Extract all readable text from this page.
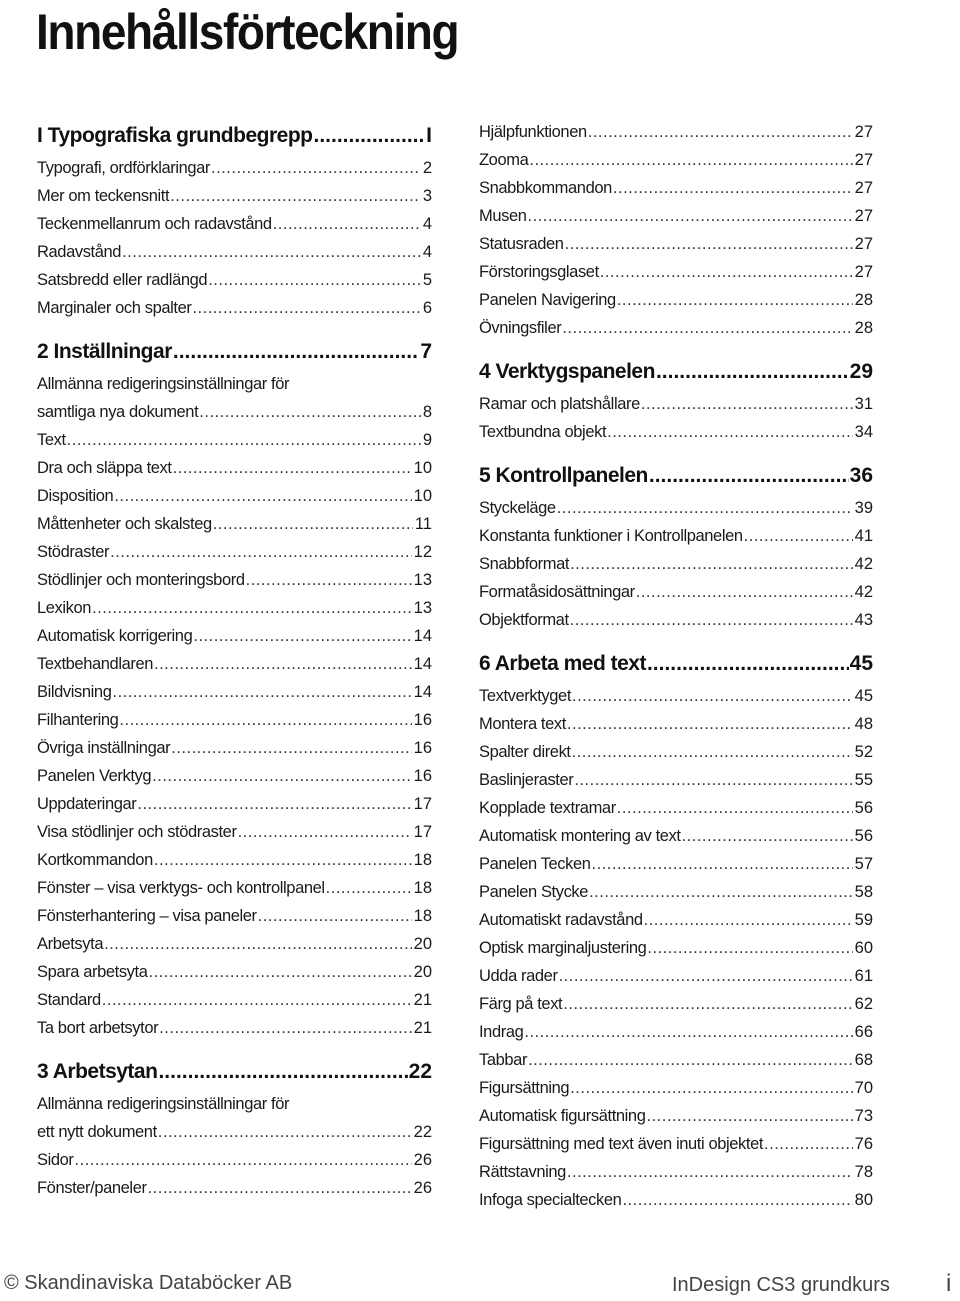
Innehållsförteckning
I Typografiska grundbegrepp .....	I
Typografi, ordförklaringar .....	2
Mer om teckensnitt .....	3
Teckenmellanrum och radavstånd .....	4
Radavstånd .....	4
Satsbredd eller radlängd .....	5
Marginaler och spalter .....	6
2 Inställningar .....	7
Allmänna redigeringsinställningar för
samtliga nya dokument .....	8
Text .....	9
Dra och släppa text .....	10
Disposition .....	10
Måttenheter och skalsteg .....	11
Stödraster .....	12
Stödlinjer och monteringsbord .....	13
Lexikon .....	13
Automatisk korrigering .....	14
Textbehandlaren .....	14
Bildvisning .....	14
Filhantering .....	16
Övriga inställningar .....	16
Panelen Verktyg .....	16
Uppdateringar .....	17
Visa stödlinjer och stödraster .....	17
Kortkommandon .....	18
Fönster – visa verktygs- och kontrollpanel .....	18
Fönsterhantering – visa paneler .....	18
Arbetsyta .....	20
Spara arbetsyta .....	20
Standard .....	21
Ta bort arbetsytor .....	21
3 Arbetsytan .....	22
Allmänna redigeringsinställningar för
ett nytt dokument .....	22
Sidor .....	26
Fönster/paneler .....	26
Hjälpfunktionen .....	27
Zooma .....	27
Snabbkommandon .....	27
Musen .....	27
Statusraden .....	27
Förstoringsglaset .....	27
Panelen Navigering .....	28
Övningsfiler .....	28
4 Verktygspanelen .....	29
Ramar och platshållare .....	31
Textbundna objekt .....	34
5 Kontrollpanelen .....	36
Styckeläge .....	39
Konstanta funktioner i Kontrollpanelen .....	41
Snabbformat .....	42
Formatåsidosättningar .....	42
Objektformat .....	43
6 Arbeta med text .....	45
Textverktyget .....	45
Montera text .....	48
Spalter direkt .....	52
Baslinjeraster .....	55
Kopplade textramar .....	56
Automatisk montering av text .....	56
Panelen Tecken .....	57
Panelen Stycke .....	58
Automatiskt radavstånd .....	59
Optisk marginaljustering .....	60
Udda rader .....	61
Färg på text .....	62
Indrag .....	66
Tabbar .....	68
Figursättning .....	70
Automatisk figursättning .....	73
Figursättning med text även inuti objektet .....	76
Rättstavning .....	78
Infoga specialtecken .....	80
© Skandinaviska Databöcker AB	InDesign CS3 grundkurs i
